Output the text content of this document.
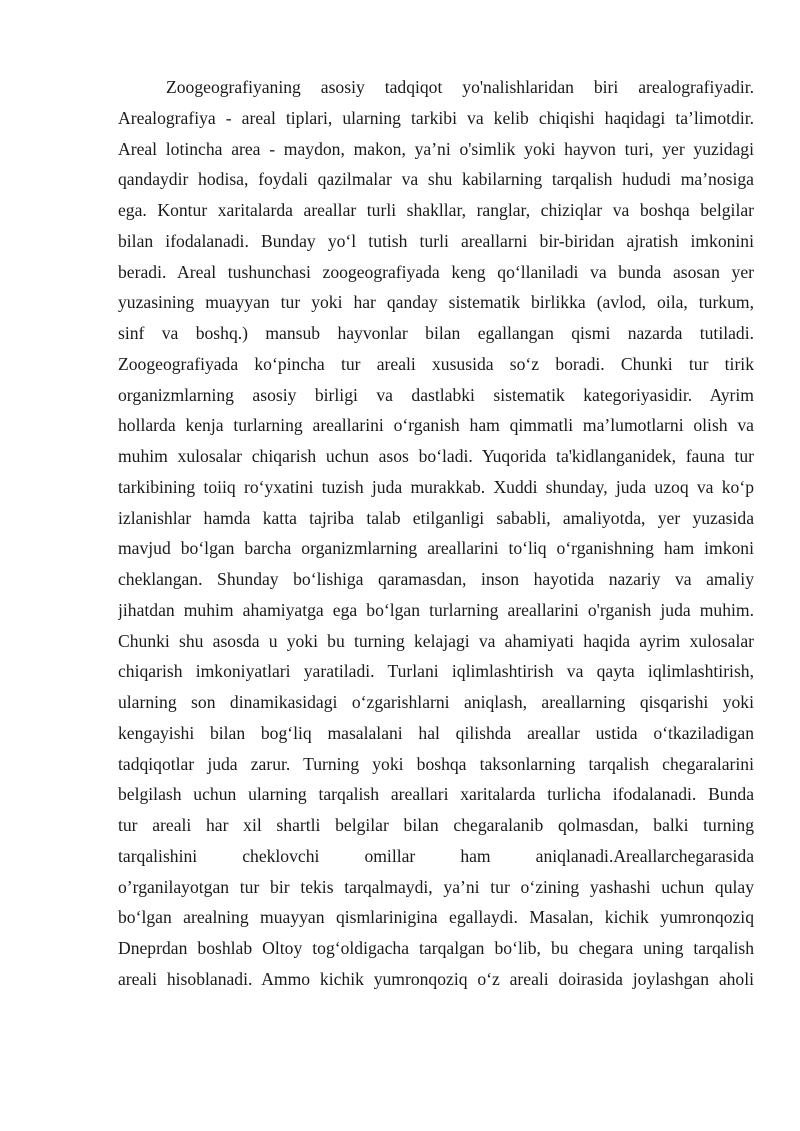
Zoogeografiyaning asosiy tadqiqot yo'nalishlaridan biri arealografiyadir.
Arealografiya - areal tiplari, ularning tarkibi va kelib chiqishi haqidagi ta’limotdir.
Areal lotincha area - maydon, makon, ya’ni o'simlik yoki hayvon turi, yer yuzidagi
qandaydir hodisa, foydali qazilmalar va shu kabilarning tarqalish hududi ma’nosiga
ega. Kontur xaritalarda areallar turli shakllar, ranglar, chiziqlar va boshqa belgilar
bilan ifodalanadi. Bunday yo‘l tutish turli areallarni bir-biridan ajratish imkonini
beradi. Areal tushunchasi zoogeografiyada keng qo‘llaniladi va bunda asosan yer
yuzasining muayyan tur yoki har qanday sistematik birlikka (avlod, oila, turkum,
sinf va boshq.) mansub hayvonlar bilan egallangan qismi nazarda tutiladi.
Zoogeografiyada ko‘pincha tur areali xususida so‘z boradi. Chunki tur tirik
organizmlarning asosiy birligi va dastlabki sistematik kategoriyasidir. Ayrim
hollarda kenja turlarning areallarini o‘rganish ham qimmatli ma’lumotlarni olish va
muhim xulosalar chiqarish uchun asos bo‘ladi. Yuqorida ta'kidlanganidek, fauna tur
tarkibining toiiq ro‘yxatini tuzish juda murakkab. Xuddi shunday, juda uzoq va ko‘p
izlanishlar hamda katta tajriba talab etilganligi sababli, amaliyotda, yer yuzasida
mavjud bo‘lgan barcha organizmlarning areallarini to‘liq o‘rganishning ham imkoni
cheklangan. Shunday bo‘lishiga qaramasdan, inson hayotida nazariy va amaliy
jihatdan muhim ahamiyatga ega bo‘lgan turlarning areallarini o'rganish juda muhim.
Chunki shu asosda u yoki bu turning kelajagi va ahamiyati haqida ayrim xulosalar
chiqarish imkoniyatlari yaratiladi. Turlani iqlimlashtirish va qayta iqlimlashtirish,
ularning son dinamikasidagi o‘zgarishlarni aniqlash, areallarning qisqarishi yoki
kengayishi bilan bog‘liq masalalani hal qilishda areallar ustida o‘tkaziladigan
tadqiqotlar juda zarur. Turning yoki boshqa taksonlarning tarqalish chegaralarini
belgilash uchun ularning tarqalish areallari xaritalarda turlicha ifodalanadi. Bunda
tur areali har xil shartli belgilar bilan chegaralanib qolmasdan, balki turning
tarqalishini cheklovchi omillar ham aniqlanadi.Areallarchegarasida
o’rganilayotgan tur bir tekis tarqalmaydi, ya’ni tur o‘zining yashashi uchun qulay
bo‘lgan arealning muayyan qismlarinigina egallaydi. Masalan, kichik yumronqoziq
Dneprdan boshlab Oltoy tog‘oldigacha tarqalgan bo‘lib, bu chegara uning tarqalish
areali hisoblanadi. Ammo kichik yumronqoziq o‘z areali doirasida joylashgan aholi
